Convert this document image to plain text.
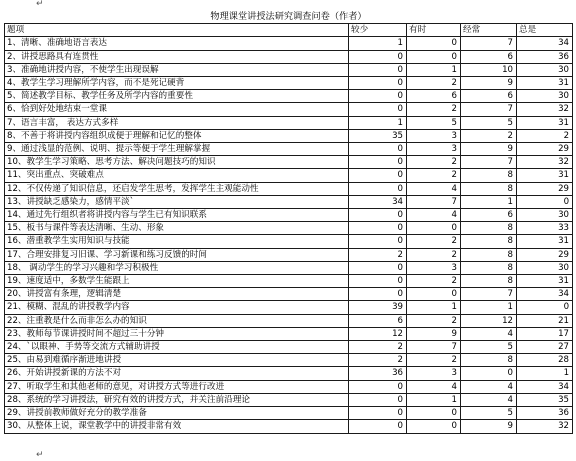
↵
物理课堂讲授法研究调查问卷（作者）				
题项	较少	有时	经常	总是
1、清晰、准确地语言表达	1	0	7	34
2、讲授思路具有连贯性	0	0	6	36
3、准确地讲授内容，不使学生出现误解	0	1	10	30
4、教学生学习理解所学内容，而不是死记硬背	0	2	9	31
5、简述教学目标、教学任务及所学内容的重要性	0	6	6	30
6、恰到好处地结束一堂课	0	2	7	32
7、语言丰富， 表达方式多样	1	5	5	31
8、不善于将讲授内容组织成便于理解和记忆的整体	35	3	2	2
9、通过浅显的范例、说明、提示等便于学生理解掌握	0	3	9	29
10、教学生学习策略、思考方法、解决问题技巧的知识	0	2	7	32
11、突出重点、突破难点	0	2	8	31
12、不仅传递了知识信息，还启发学生思考，发挥学生主观能动性	0	4	8	29
13、讲授缺乏感染力，感情平淡`	34	7	1	0
14、通过先行组织者将讲授内容与学生已有知识联系	0	4	6	30
15、板书与课件等表达清晰、生动、形象	0	0	8	33
16、潜重教学生实用知识与技能	0	2	8	31
17、合理安排复习旧课、学习新课和练习反馈的时间	2	2	8	29
18、 调动学生的学习兴趣和学习积极性	0	3	8	30
19、速度适中，多数学生能跟上	0	2	8	31
20、讲授富有条理，逻辑清楚	0	0	7	34
21、模糊、混乱的讲授教学内容	39	1	1	0
22、注重教是什么而非怎么办的知识	6	2	12	21
23、教师每节课讲授时间不超过三十分钟	12	9	4	17
24、`以眼神、手势等交流方式辅助讲授	2	7	5	27
25、由易到难循序渐进地讲授	2	2	8	28
26、开始讲授新课的方法不对	36	3	0	1
27、听取学生和其他老师的意见，对讲授方式等进行改进	0	4	4	34
28、系统的学习讲授法，研究有效的讲授方式，并关注前沿理论	0	1	4	35
29、讲授前教师做好充分的教学准备	0	0	5	36
30、从整体上说，课堂教学中的讲授非常有效	0	0	9	32
↵
